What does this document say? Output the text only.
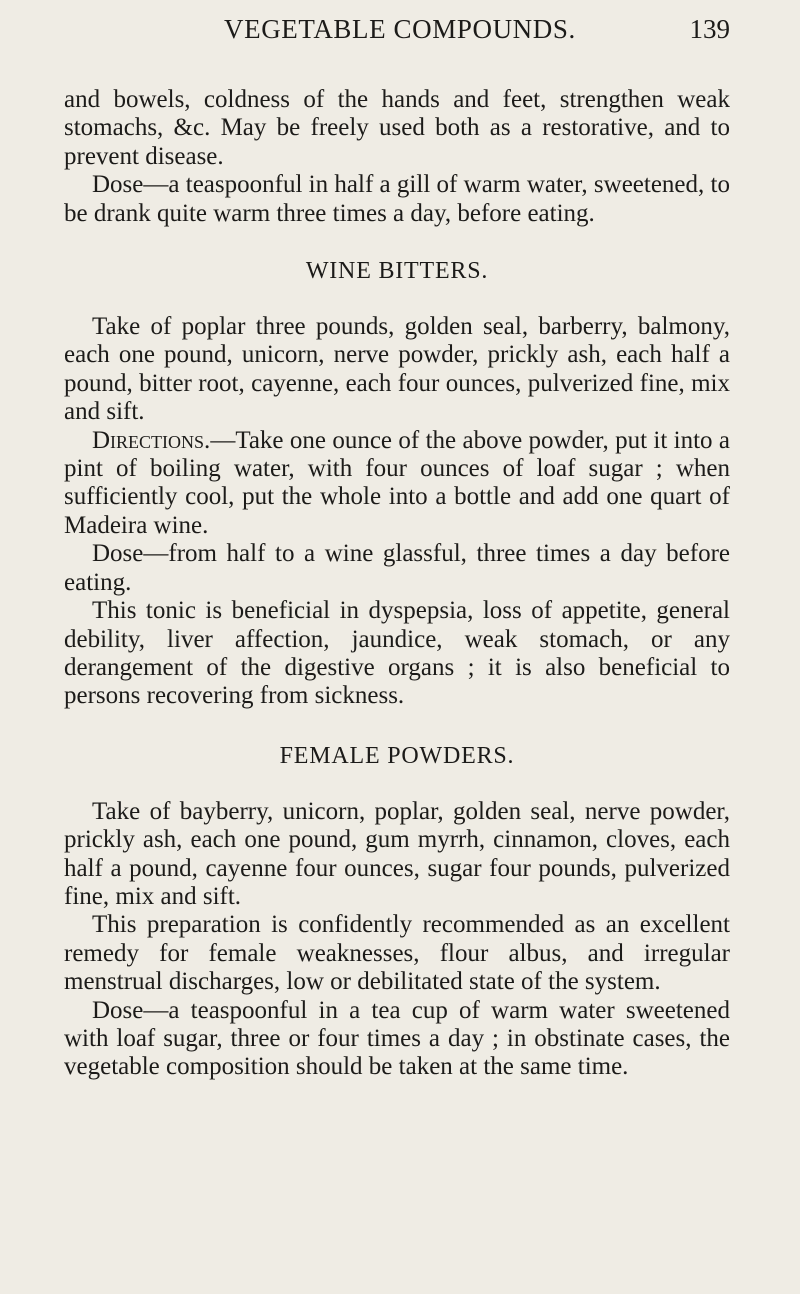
VEGETABLE COMPOUNDS.	139

and bowels, coldness of the hands and feet, strengthen weak stomachs, &c. May be freely used both as a restorative, and to prevent disease.

Dose—a teaspoonful in half a gill of warm water, sweetened, to be drank quite warm three times a day, before eating.

WINE BITTERS.

Take of poplar three pounds, golden seal, barberry, balmony, each one pound, unicorn, nerve powder, prickly ash, each half a pound, bitter root, cayenne, each four ounces, pulverized fine, mix and sift.

Directions.—Take one ounce of the above powder, put it into a pint of boiling water, with four ounces of loaf sugar ; when sufficiently cool, put the whole into a bottle and add one quart of Madeira wine.

Dose—from half to a wine glassful, three times a day before eating.

This tonic is beneficial in dyspepsia, loss of appetite, general debility, liver affection, jaundice, weak stomach, or any derangement of the digestive organs ; it is also beneficial to persons recovering from sickness.

FEMALE POWDERS.

Take of bayberry, unicorn, poplar, golden seal, nerve powder, prickly ash, each one pound, gum myrrh, cinnamon, cloves, each half a pound, cayenne four ounces, sugar four pounds, pulverized fine, mix and sift.

This preparation is confidently recommended as an excellent remedy for female weaknesses, flour albus, and irregular menstrual discharges, low or debilitated state of the system.

Dose—a teaspoonful in a tea cup of warm water sweetened with loaf sugar, three or four times a day ; in obstinate cases, the vegetable composition should be taken at the same time.
